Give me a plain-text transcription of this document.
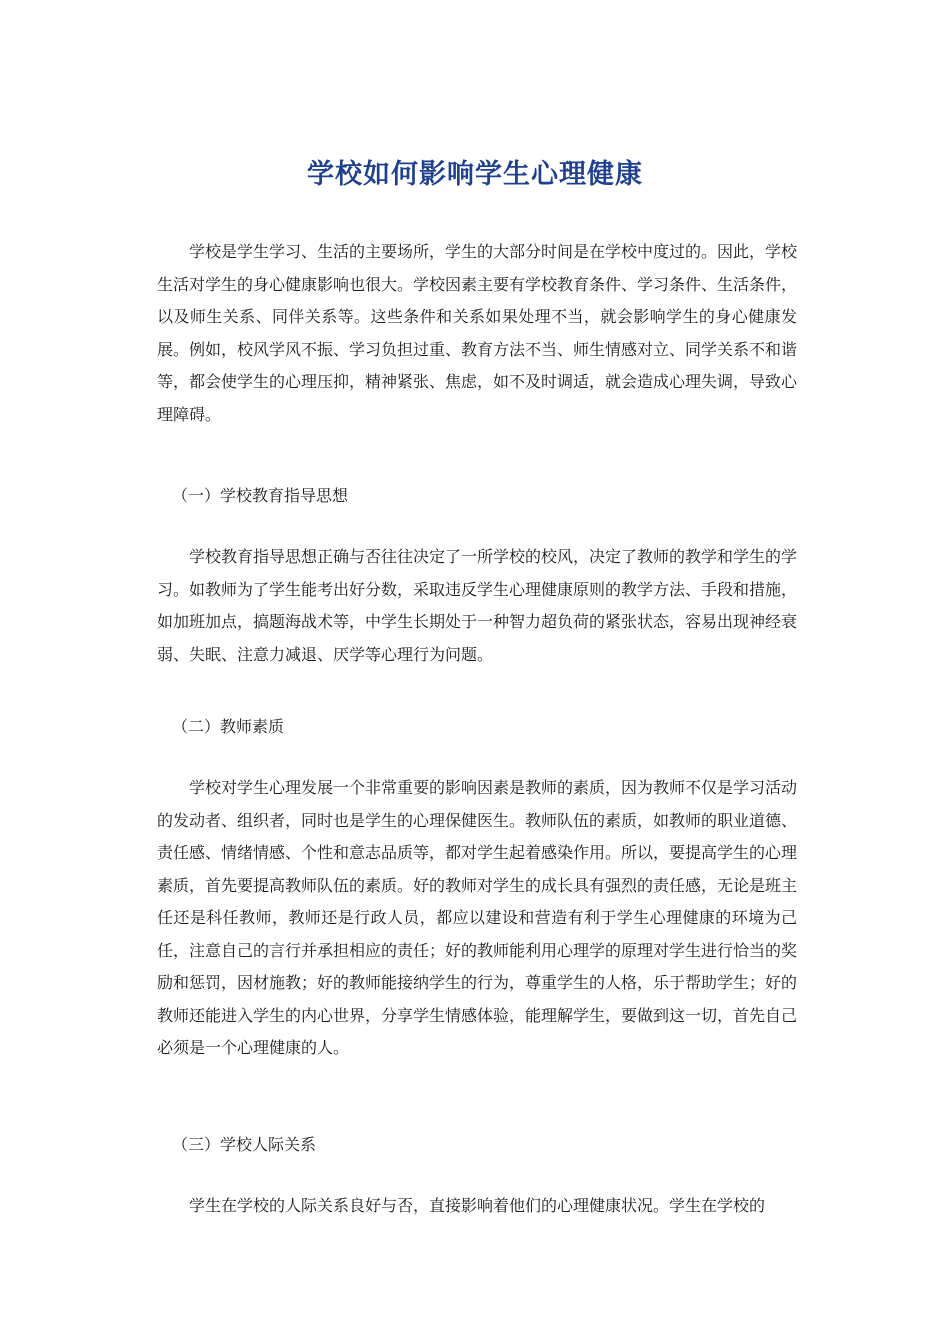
学校如何影响学生心理健康

学校是学生学习、生活的主要场所，学生的大部分时间是在学校中度过的。因此，学校生活对学生的身心健康影响也很大。学校因素主要有学校教育条件、学习条件、生活条件，以及师生关系、同伴关系等。这些条件和关系如果处理不当，就会影响学生的身心健康发展。例如，校风学风不振、学习负担过重、教育方法不当、师生情感对立、同学关系不和谐等，都会使学生的心理压抑，精神紧张、焦虑，如不及时调适，就会造成心理失调，导致心理障碍。

（一）学校教育指导思想

学校教育指导思想正确与否往往决定了一所学校的校风，决定了教师的教学和学生的学习。如教师为了学生能考出好分数，采取违反学生心理健康原则的教学方法、手段和措施，如加班加点，搞题海战术等，中学生长期处于一种智力超负荷的紧张状态，容易出现神经衰弱、失眠、注意力减退、厌学等心理行为问题。

（二）教师素质

学校对学生心理发展一个非常重要的影响因素是教师的素质，因为教师不仅是学习活动的发动者、组织者，同时也是学生的心理保健医生。教师队伍的素质，如教师的职业道德、责任感、情绪情感、个性和意志品质等，都对学生起着感染作用。所以，要提高学生的心理素质，首先要提高教师队伍的素质。好的教师对学生的成长具有强烈的责任感，无论是班主任还是科任教师，教师还是行政人员，都应以建设和营造有利于学生心理健康的环境为己任，注意自己的言行并承担相应的责任；好的教师能利用心理学的原理对学生进行恰当的奖励和惩罚，因材施教；好的教师能接纳学生的行为，尊重学生的人格，乐于帮助学生；好的教师还能进入学生的内心世界，分享学生情感体验，能理解学生，要做到这一切，首先自己必须是一个心理健康的人。

（三）学校人际关系

学生在学校的人际关系良好与否，直接影响着他们的心理健康状况。学生在学校的
